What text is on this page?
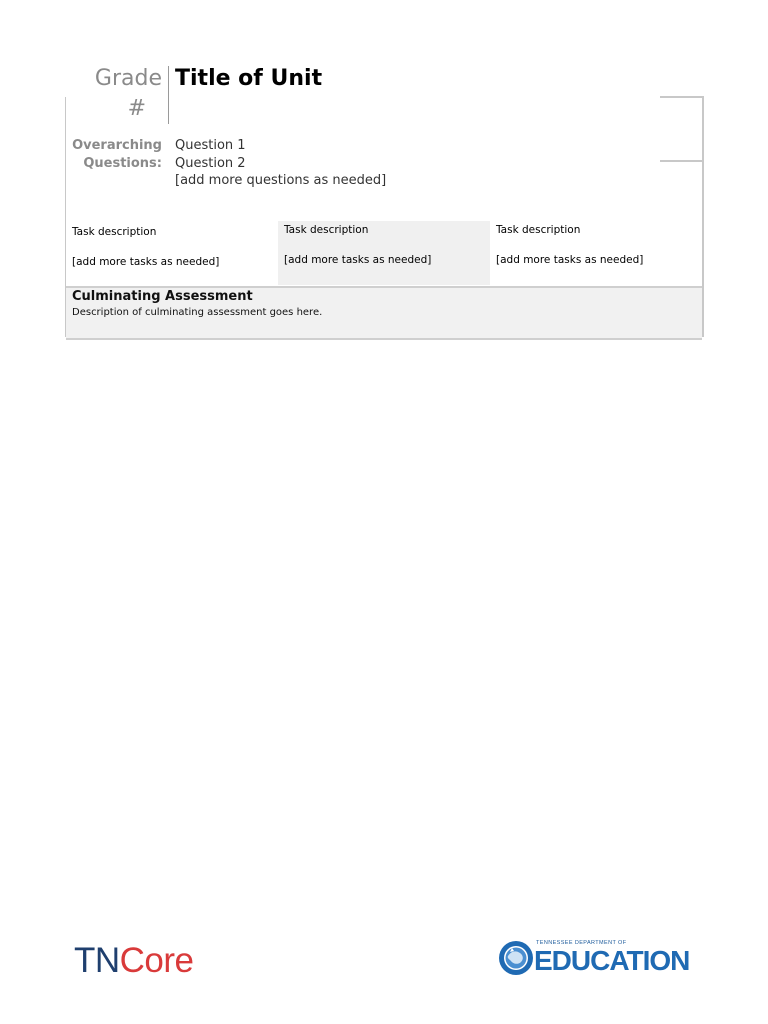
Grade
#
Title of Unit
Overarching
Questions:
Question 1
Question 2
[add more questions as needed]
Task description
[add more tasks as needed]
Task description
[add more tasks as needed]
Task description
[add more tasks as needed]
Culminating Assessment
Description of culminating assessment goes here.
TNCore	TENNESSEE DEPARTMENT OF
EDUCATION
